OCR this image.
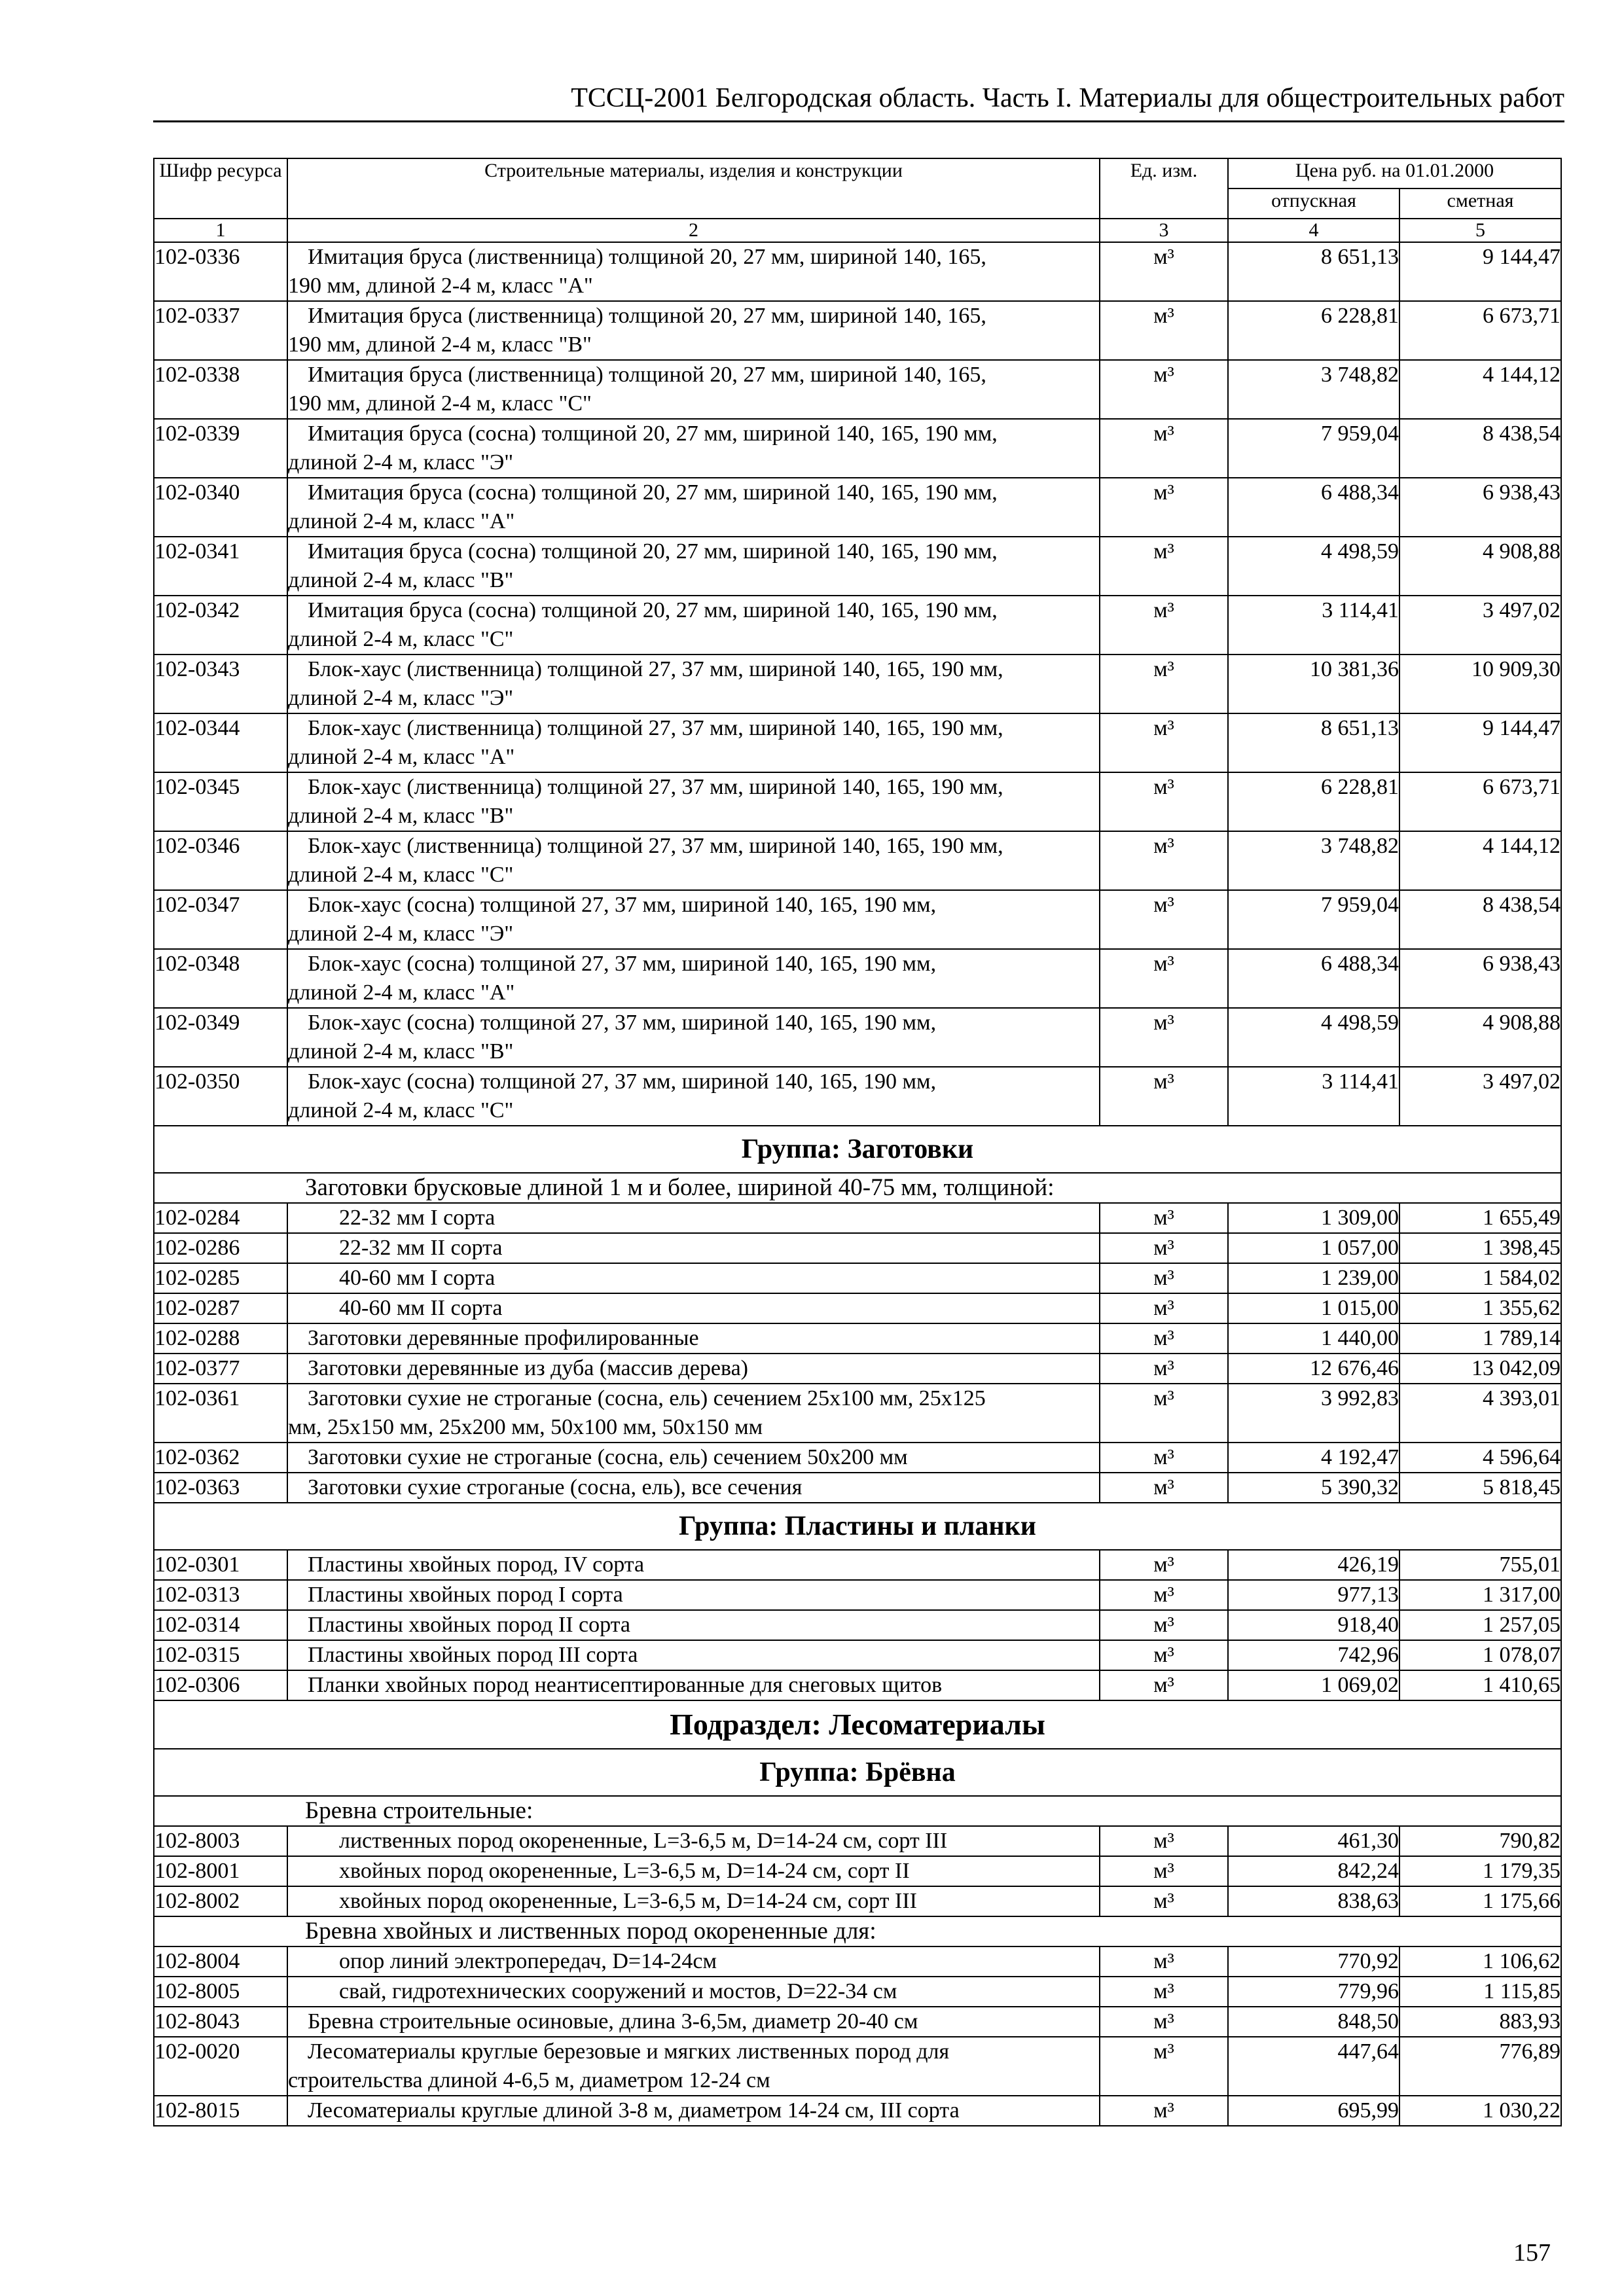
ТССЦ-2001 Белгородская область. Часть I. Материалы для общестроительных работ
Шифр ресурса	Строительные материалы, изделия и конструкции	Ед. изм.	Цена руб. на 01.01.2000	
			отпускная	сметная
1	2	3	4	5
102-0336	Имитация бруса (лиственница) толщиной 20, 27 мм, шириной 140, 165,
190 мм, длиной 2-4 м, класс "А"	м³	8 651,13	9 144,47
102-0337	Имитация бруса (лиственница) толщиной 20, 27 мм, шириной 140, 165,
190 мм, длиной 2-4 м, класс "В"	м³	6 228,81	6 673,71
102-0338	Имитация бруса (лиственница) толщиной 20, 27 мм, шириной 140, 165,
190 мм, длиной 2-4 м, класс "С"	м³	3 748,82	4 144,12
102-0339	Имитация бруса (сосна) толщиной 20, 27 мм, шириной 140, 165, 190 мм,
длиной 2-4 м, класс "Э"	м³	7 959,04	8 438,54
102-0340	Имитация бруса (сосна) толщиной 20, 27 мм, шириной 140, 165, 190 мм,
длиной 2-4 м, класс "А"	м³	6 488,34	6 938,43
102-0341	Имитация бруса (сосна) толщиной 20, 27 мм, шириной 140, 165, 190 мм,
длиной 2-4 м, класс "В"	м³	4 498,59	4 908,88
102-0342	Имитация бруса (сосна) толщиной 20, 27 мм, шириной 140, 165, 190 мм,
длиной 2-4 м, класс "С"	м³	3 114,41	3 497,02
102-0343	Блок-хаус (лиственница) толщиной 27, 37 мм, шириной 140, 165, 190 мм,
длиной 2-4 м, класс "Э"	м³	10 381,36	10 909,30
102-0344	Блок-хаус (лиственница) толщиной 27, 37 мм, шириной 140, 165, 190 мм,
длиной 2-4 м, класс "А"	м³	8 651,13	9 144,47
102-0345	Блок-хаус (лиственница) толщиной 27, 37 мм, шириной 140, 165, 190 мм,
длиной 2-4 м, класс "В"	м³	6 228,81	6 673,71
102-0346	Блок-хаус (лиственница) толщиной 27, 37 мм, шириной 140, 165, 190 мм,
длиной 2-4 м, класс "С"	м³	3 748,82	4 144,12
102-0347	Блок-хаус (сосна) толщиной 27, 37 мм, шириной 140, 165, 190 мм,
длиной 2-4 м, класс "Э"	м³	7 959,04	8 438,54
102-0348	Блок-хаус (сосна) толщиной 27, 37 мм, шириной 140, 165, 190 мм,
длиной 2-4 м, класс "А"	м³	6 488,34	6 938,43
102-0349	Блок-хаус (сосна) толщиной 27, 37 мм, шириной 140, 165, 190 мм,
длиной 2-4 м, класс "В"	м³	4 498,59	4 908,88
102-0350	Блок-хаус (сосна) толщиной 27, 37 мм, шириной 140, 165, 190 мм,
длиной 2-4 м, класс "С"	м³	3 114,41	3 497,02
Группа: Заготовки				
Заготовки брусковые длиной 1 м и более, шириной 40-75 мм, толщиной:				
102-0284	22-32 мм I сорта	м³	1 309,00	1 655,49
102-0286	22-32 мм II сорта	м³	1 057,00	1 398,45
102-0285	40-60 мм I сорта	м³	1 239,00	1 584,02
102-0287	40-60 мм II сорта	м³	1 015,00	1 355,62
102-0288	Заготовки деревянные профилированные	м³	1 440,00	1 789,14
102-0377	Заготовки деревянные из дуба (массив дерева)	м³	12 676,46	13 042,09
102-0361	Заготовки сухие не строганые (сосна, ель) сечением 25х100 мм, 25х125
мм, 25х150 мм, 25х200 мм, 50х100 мм, 50х150 мм	м³	3 992,83	4 393,01
102-0362	Заготовки сухие не строганые (сосна, ель) сечением 50х200 мм	м³	4 192,47	4 596,64
102-0363	Заготовки сухие строганые (сосна, ель), все сечения	м³	5 390,32	5 818,45
Группа: Пластины и планки				
102-0301	Пластины хвойных пород, IV сорта	м³	426,19	755,01
102-0313	Пластины хвойных пород I сорта	м³	977,13	1 317,00
102-0314	Пластины хвойных пород II сорта	м³	918,40	1 257,05
102-0315	Пластины хвойных пород III сорта	м³	742,96	1 078,07
102-0306	Планки хвойных пород неантисептированные для снеговых щитов	м³	1 069,02	1 410,65
Подраздел: Лесоматериалы				
Группа: Брёвна				
Бревна строительные:				
102-8003	лиственных пород окорененные, L=3-6,5 м, D=14-24 см, сорт III	м³	461,30	790,82
102-8001	хвойных пород окорененные, L=3-6,5 м, D=14-24 см, сорт II	м³	842,24	1 179,35
102-8002	хвойных пород окорененные, L=3-6,5 м, D=14-24 см, сорт III	м³	838,63	1 175,66
Бревна хвойных и лиственных пород окорененные для:				
102-8004	опор линий электропередач, D=14-24см	м³	770,92	1 106,62
102-8005	свай, гидротехнических сооружений и мостов, D=22-34 см	м³	779,96	1 115,85
102-8043	Бревна строительные осиновые, длина 3-6,5м, диаметр 20-40 см	м³	848,50	883,93
102-0020	Лесоматериалы круглые березовые и мягких лиственных пород для
строительства длиной 4-6,5 м, диаметром 12-24 см	м³	447,64	776,89
102-8015	Лесоматериалы круглые длиной 3-8 м, диаметром 14-24 см, III сорта	м³	695,99	1 030,22
157
